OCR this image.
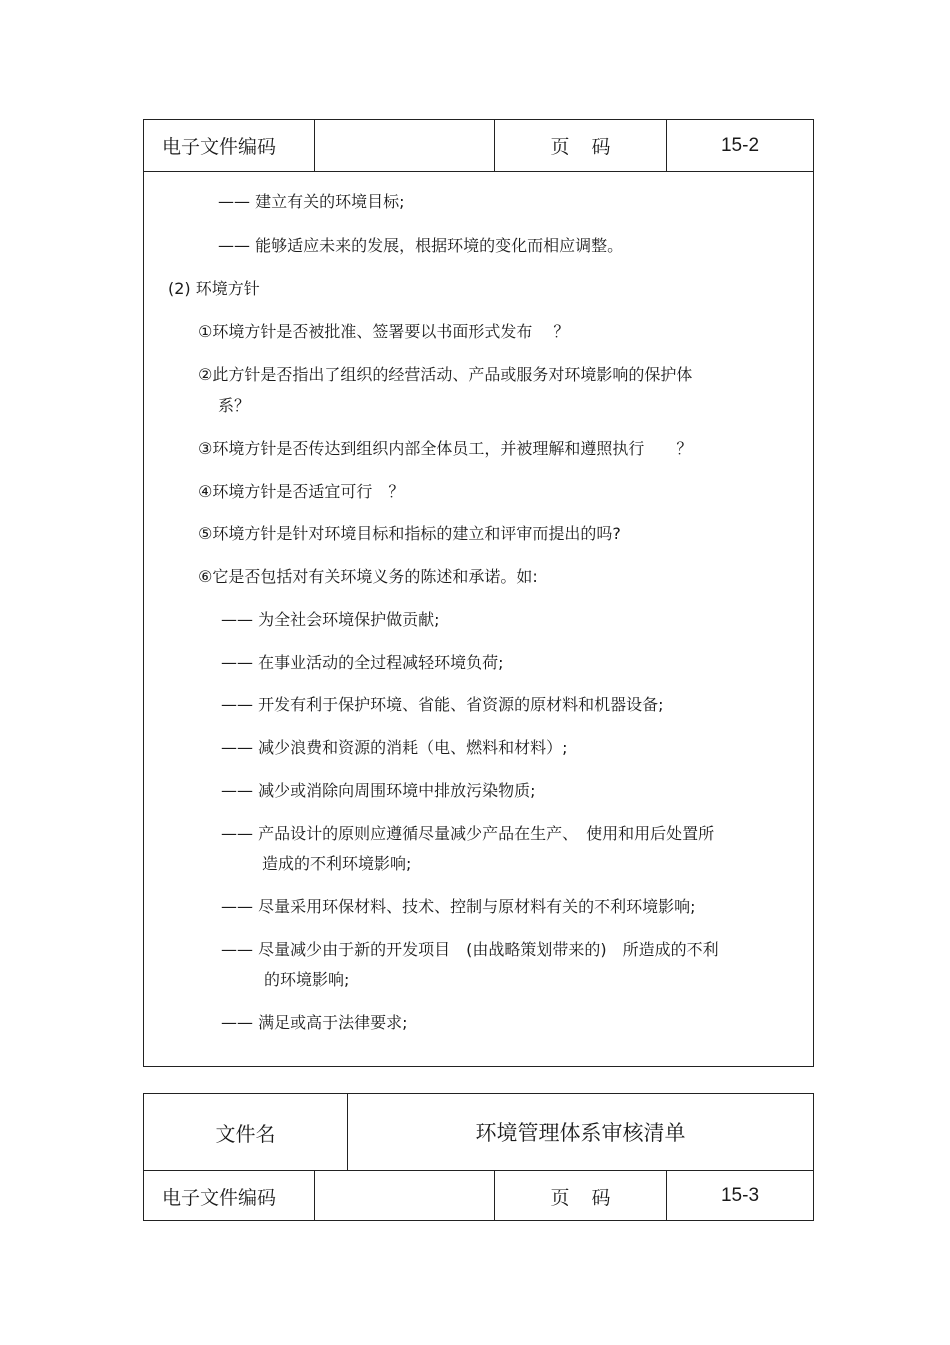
电子文件编码	页码	15-2
—— 建立有关的环境目标;
—— 能够适应未来的发展，根据环境的变化而相应调整。
(2) 环境方针
①环境方针是否被批准、签署要以书面形式发布　 ？
②此方针是否指出了组织的经营活动、产品或服务对环境影响的保护体
系？
③环境方针是否传达到组织内部全体员工，并被理解和遵照执行　　？
④环境方针是否适宜可行　？
⑤环境方针是针对环境目标和指标的建立和评审而提出的吗?
⑥它是否包括对有关环境义务的陈述和承诺。如:
—— 为全社会环境保护做贡献;
—— 在事业活动的全过程减轻环境负荷;
—— 开发有利于保护环境、省能、省资源的原材料和机器设备;
—— 减少浪费和资源的消耗（电、燃料和材料）;
—— 减少或消除向周围环境中排放污染物质;
—— 产品设计的原则应遵循尽量减少产品在生产、　使用和用后处置所
造成的不利环境影响;
—— 尽量采用环保材料、技术、控制与原材料有关的不利环境影响;
—— 尽量减少由于新的开发项目　(由战略策划带来的)　所造成的不利
的环境影响;
—— 满足或高于法律要求;
文件名	环境管理体系审核清单
电子文件编码	页码	15-3
